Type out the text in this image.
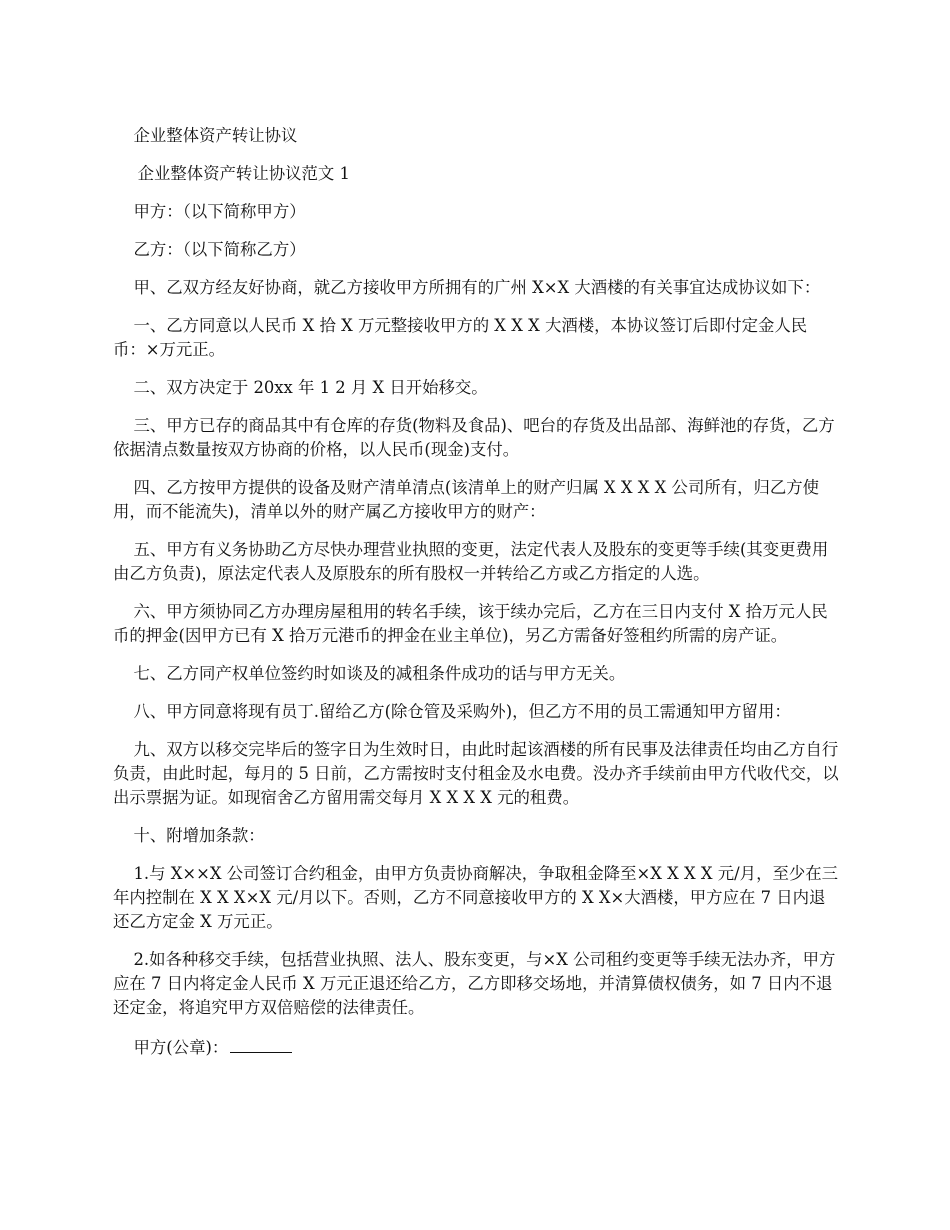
企业整体资产转让协议

企业整体资产转让协议范文 1

甲方：（以下简称甲方）

乙方：（以下简称乙方）

甲、乙双方经友好协商，就乙方接收甲方所拥有的广州 X×X 大酒楼的有关事宜达成协议如下：

一、乙方同意以人民币 X 拾 X 万元整接收甲方的 X X X 大酒楼，本协议签订后即付定金人民币：×万元正。

二、双方决定于 20xx 年 1 2 月 X 日开始移交。

三、甲方已存的商品其中有仓库的存货(物料及食品)、吧台的存货及出品部、海鲜池的存货，乙方依据清点数量按双方协商的价格，以人民币(现金)支付。

四、乙方按甲方提供的设备及财产清单清点(该清单上的财产归属 X X X X 公司所有，归乙方使用，而不能流失)，清单以外的财产属乙方接收甲方的财产：

五、甲方有义务协助乙方尽快办理营业执照的变更，法定代表人及股东的变更等手续(其变更费用由乙方负责)，原法定代表人及原股东的所有股权一并转给乙方或乙方指定的人选。

六、甲方须协同乙方办理房屋租用的转名手续，该于续办完后，乙方在三日内支付 X 拾万元人民币的押金(因甲方已有 X 拾万元港币的押金在业主单位)，另乙方需备好签租约所需的房产证。

七、乙方同产权单位签约时如谈及的减租条件成功的话与甲方无关。

八、甲方同意将现有员丁.留给乙方(除仓管及采购外)，但乙方不用的员工需通知甲方留用：

九、双方以移交完毕后的签字日为生效时日，由此时起该酒楼的所有民事及法律责任均由乙方自行负责，由此时起，每月的 5 日前，乙方需按时支付租金及水电费。没办齐手续前由甲方代收代交，以出示票据为证。如现宿舍乙方留用需交每月 X X X X 元的租费。

十、附增加条款：

1.与 X××X 公司签订合约租金，由甲方负责协商解决，争取租金降至×X X X X 元/月，至少在三年内控制在 X X X×X 元/月以下。否则，乙方不同意接收甲方的 X X×大酒楼，甲方应在 7 日内退还乙方定金 X 万元正。

2.如各种移交手续，包括营业执照、法人、股东变更，与×X 公司租约变更等手续无法办齐，甲方应在 7 日内将定金人民币 X 万元正退还给乙方，乙方即移交场地，并清算债权债务，如 7 日内不退还定金，将追究甲方双倍赔偿的法律责任。

甲方(公章)：
